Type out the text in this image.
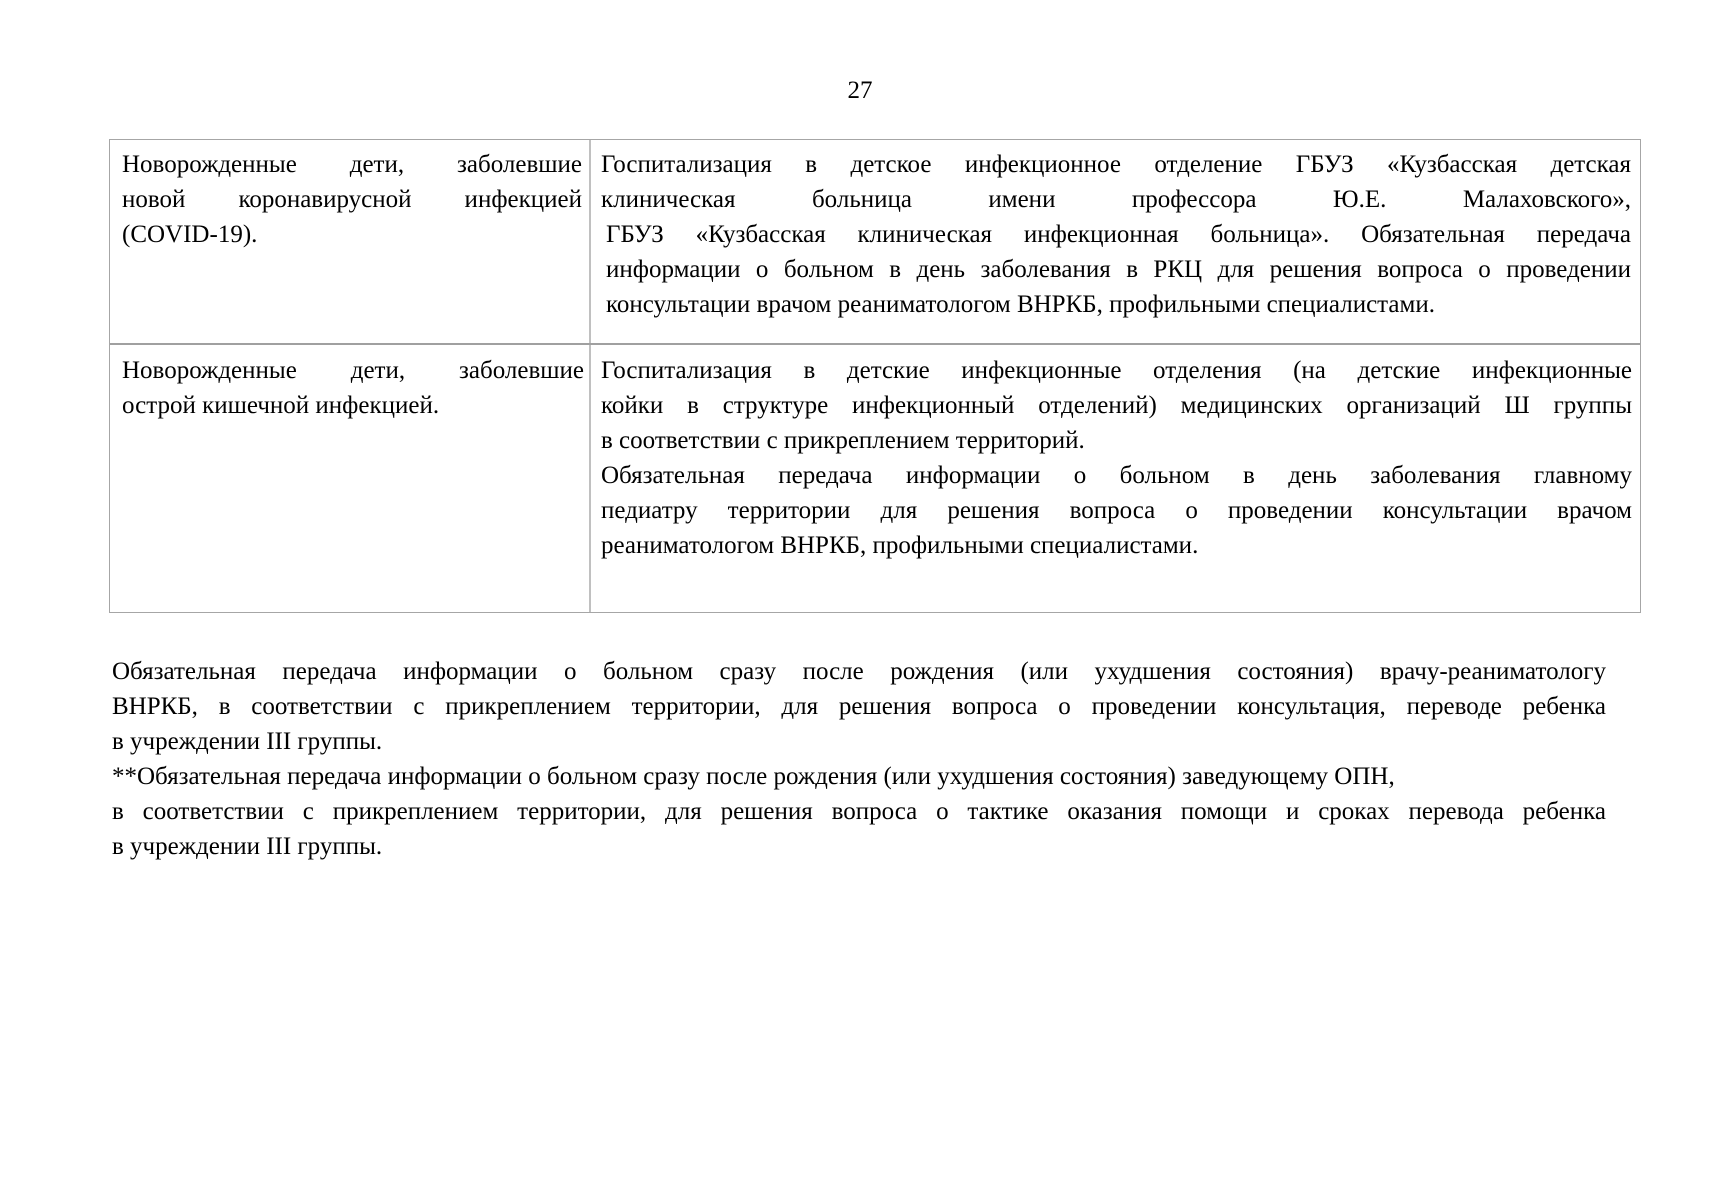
27
Новорожденные дети, заболевшие
новой коронавирусной инфекцией
(COVID-19).
Госпитализация в детское инфекционное отделение ГБУЗ «Кузбасская детская
клиническая больница имени профессора Ю.Е. Малаховского»,
ГБУЗ «Кузбасская клиническая инфекционная больница». Обязательная передача
информации о больном в день заболевания в РКЦ для решения вопроса о проведении
консультации врачом реаниматологом ВНРКБ, профильными специалистами.
Новорожденные дети, заболевшие
острой кишечной инфекцией.
Госпитализация в детские инфекционные отделения (на детские инфекционные
койки в структуре инфекционный отделений) медицинских организаций Ш группы
в соответствии с прикреплением территорий.
Обязательная передача информации о больном в день заболевания главному
педиатру территории для решения вопроса о проведении консультации врачом
реаниматологом ВНРКБ, профильными специалистами.
Обязательная передача информации о больном сразу после рождения (или ухудшения состояния) врачу-реаниматологу
ВНРКБ, в соответствии с прикреплением территории, для решения вопроса о проведении консультация, переводе ребенка
в учреждении III группы.
**Обязательная передача информации о больном сразу после рождения (или ухудшения состояния) заведующему ОПН,
в соответствии с прикреплением территории, для решения вопроса о тактике оказания помощи и сроках перевода ребенка
в учреждении III группы.
